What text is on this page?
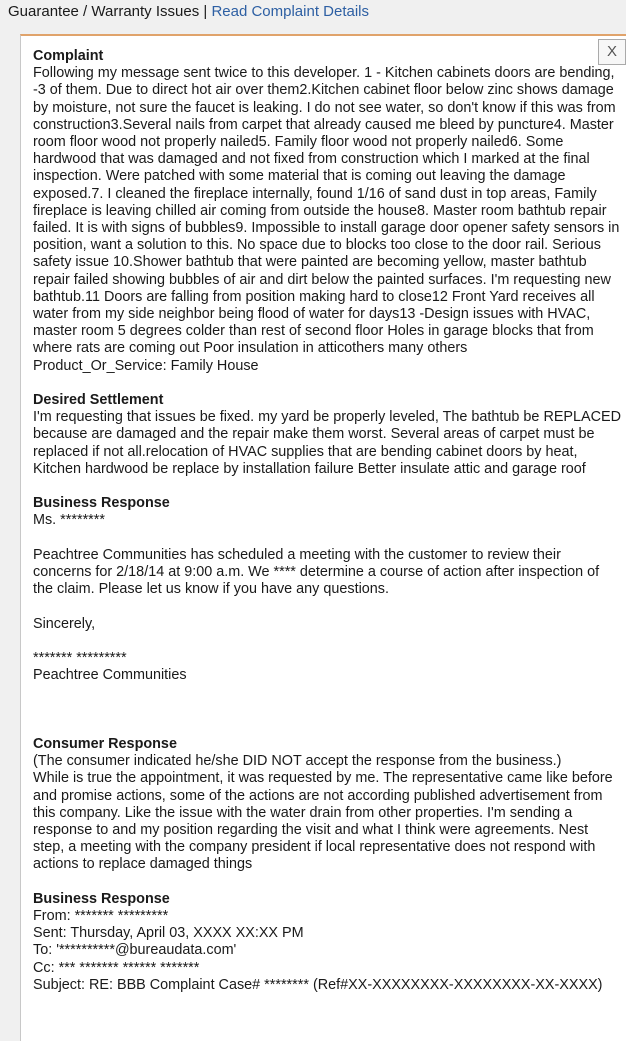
Guarantee / Warranty Issues | Read Complaint Details
X
Complaint
Following my message sent twice to this developer. 1 - Kitchen cabinets doors are bending, -3 of them. Due to direct hot air over them2.Kitchen cabinet floor below zinc shows damage by moisture, not sure the faucet is leaking. I do not see water, so don't know if this was from construction3.Several nails from carpet that already caused me bleed by puncture4. Master room floor wood not properly nailed5. Family floor wood not properly nailed6. Some hardwood that was damaged and not fixed from construction which I marked at the final inspection. Were patched with some material that is coming out leaving the damage exposed.7. I cleaned the fireplace internally, found 1/16 of sand dust in top areas, Family fireplace is leaving chilled air coming from outside the house8. Master room bathtub repair failed. It is with signs of bubbles9. Impossible to install garage door opener safety sensors in position, want a solution to this. No space due to blocks too close to the door rail. Serious safety issue 10.Shower bathtub that were painted are becoming yellow, master bathtub repair failed showing bubbles of air and dirt below the painted surfaces. I'm requesting new bathtub.11 Doors are falling from position making hard to close12 Front Yard receives all water from my side neighbor being flood of water for days13 -Design issues with HVAC, master room 5 degrees colder than rest of second floor Holes in garage blocks that from where rats are coming out Poor insulation in atticothers many others
Product_Or_Service: Family House
Desired Settlement
I'm requesting that issues be fixed. my yard be properly leveled, The bathtub be REPLACED because are damaged and the repair make them worst. Several areas of carpet must be replaced if not all.relocation of HVAC supplies that are bending cabinet doors by heat, Kitchen hardwood be replace by installation failure Better insulate attic and garage roof
Business Response
Ms. ********
Peachtree Communities has scheduled a meeting with the customer to review their concerns for 2/18/14 at 9:00 a.m. We **** determine a course of action after inspection of the claim. Please let us know if you have any questions.
Sincerely,
******* *********
Peachtree Communities
Consumer Response
(The consumer indicated he/she DID NOT accept the response from the business.)
While is true the appointment, it was requested by me. The representative came like before and promise actions, some of the actions are not according published advertisement from this company. Like the issue with the water drain from other properties. I'm sending a response to and my position regarding the visit and what I think were agreements. Nest step, a meeting with the company president if local representative does not respond with actions to replace damaged things
Business Response
From: ******* *********
Sent: Thursday, April 03, XXXX XX:XX PM
To: '**********@bureaudata.com'
Cc: *** ******* ****** *******
Subject: RE: BBB Complaint Case# ******** (Ref#XX-XXXXXXXX-XXXXXXXX-XX-XXXX)
